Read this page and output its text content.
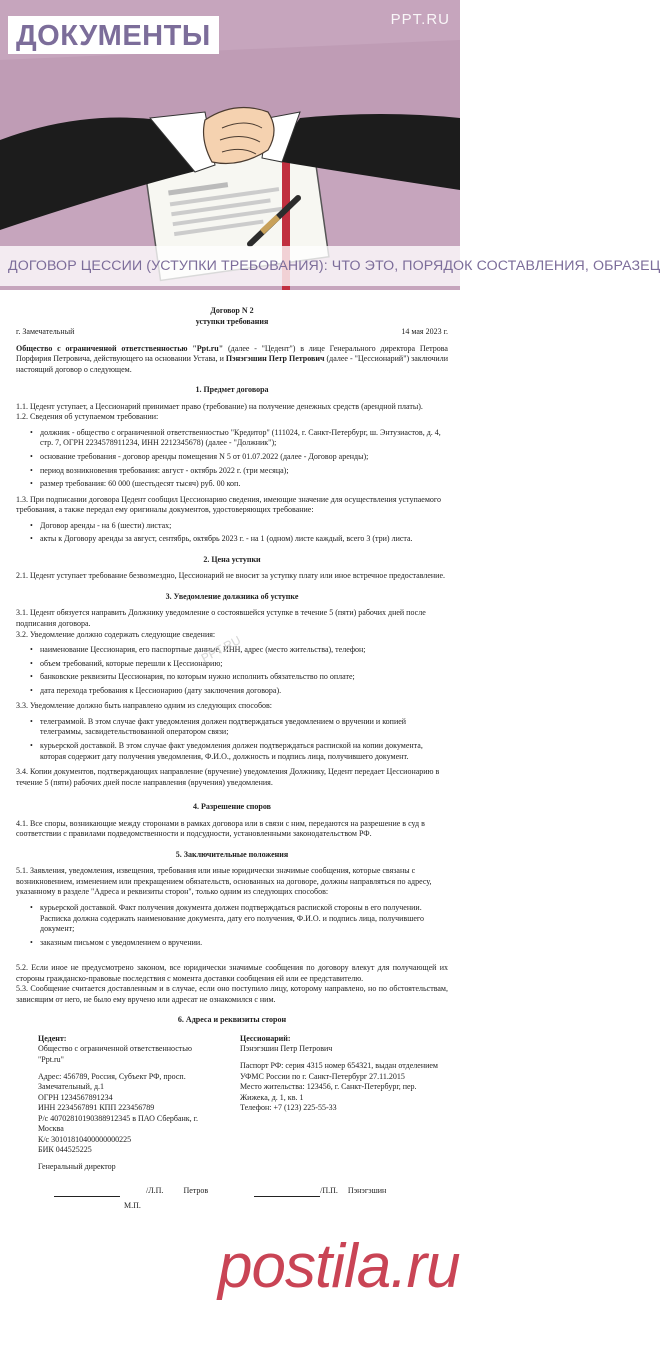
ДОКУМЕНТЫ
PPT.RU
ДОГОВОР ЦЕССИИ (УСТУПКИ ТРЕБОВАНИЯ): ЧТО ЭТО, ПОРЯДОК СОСТАВЛЕНИЯ, ОБРАЗЕЦ

Договор N 2

уступки требования

г. Замечательный	14 мая 2023 г.

Общество с ограниченной ответственностью "Ppt.ru" (далее - "Цедент") в лице Генерального директора Петрова Порфирия Петровича, действующего на основании Устава, и Пэнэгэшин Петр Петрович (далее - "Цессионарий") заключили настоящий договор о следующем.

1. Предмет договора

1.1. Цедент уступает, а Цессионарий принимает право (требование) на получение денежных средств (арендной платы).

1.2. Сведения об уступаемом требовании:

• должник - общество с ограниченной ответственностью "Кредитор" (111024, г. Санкт-Петербург, ш. Энтузиастов, д. 4, стр. 7, ОГРН 2234578911234, ИНН 2212345678) (далее - "Должник");
• основание требования - договор аренды помещения N 5 от 01.07.2022 (далее - Договор аренды);
• период возникновения требования: август - октябрь 2022 г. (три месяца);
• размер требования: 60 000 (шестьдесят тысяч) руб. 00 коп.

1.3. При подписании договора Цедент сообщил Цессионарию сведения, имеющие значение для осуществления уступаемого требования, а также передал ему оригиналы документов, удостоверяющих требование:

• Договор аренды - на 6 (шести) листах;
• акты к Договору аренды за август, сентябрь, октябрь 2023 г. - на 1 (одном) листе каждый, всего 3 (три) листа.
2. Цена уступки

2.1. Цедент уступает требование безвозмездно, Цессионарий не вносит за уступку плату или иное встречное предоставление.

3. Уведомление должника об уступке

3.1. Цедент обязуется направить Должнику уведомление о состоявшейся уступке в течение 5 (пяти) рабочих дней после подписания договора.

3.2. Уведомление должно содержать следующие сведения:

• наименование Цессионария, его паспортные данные, ИНН, адрес (место жительства), телефон;
• объем требований, которые перешли к Цессионарию;
• банковские реквизиты Цессионария, по которым нужно исполнить обязательство по оплате;
• дата перехода требования к Цессионарию (дату заключения договора).

3.3. Уведомление должно быть направлено одним из следующих способов:

• телеграммой. В этом случае факт уведомления должен подтверждаться уведомлением о вручении и копией телеграммы, засвидетельствованной оператором связи;
• курьерской доставкой. В этом случае факт уведомления должен подтверждаться распиской на копии документа, которая содержит дату получения уведомления, Ф.И.О., должность и подпись лица, получившего документ.

3.4. Копии документов, подтверждающих направление (вручение) уведомления Должнику, Цедент передает Цессионарию в течение 5 (пяти) рабочих дней после направления (вручения) уведомления.

4. Разрешение споров

4.1. Все споры, возникающие между сторонами в рамках договора или в связи с ним, передаются на разрешение в суд в соответствии с правилами подведомственности и подсудности, установленными законодательством РФ.

5. Заключительные положения

5.1. Заявления, уведомления, извещения, требования или иные юридически значимые сообщения, которые связаны с возникновением, изменением или прекращением обязательств, основанных на договоре, должны направляться по адресу, указанному в разделе "Адреса и реквизиты сторон", только одним из следующих способов:

• курьерской доставкой. Факт получения документа должен подтверждаться распиской стороны в его получении. Расписка должна содержать наименование документа, дату его получения, Ф.И.О. и подпись лица, получившего документ;
• заказным письмом с уведомлением о вручении.

5.2. Если иное не предусмотрено законом, все юридически значимые сообщения по договору влекут для получающей их стороны гражданско-правовые последствия с момента доставки сообщения ей или ее представителю.

5.3. Сообщение считается доставленным и в случае, если оно поступило лицу, которому направлено, но по обстоятельствам, зависящим от него, не было ему вручено или адресат не ознакомился с ним.

6. Адреса и реквизиты сторон

Цедент:

Общество с ограниченной ответственностью "Ppt.ru"

Адрес: 456789, Россия, Субъект РФ, просп. Замечательный, д.1

ОГРН 1234567891234

ИНН 2234567891 КПП 223456789

Р/с 40702810190388912345 в ПАО Сбербанк, г. Москва

К/с 30101810400000000225

БИК 044525225

Генеральный директор

Цессионарий:

Пэнэгэшин Петр Петрович

Паспорт РФ: серия 4315 номер 654321, выдан отделением УФМС России по г. Санкт-Петербург 27.11.2015

Место жительства: 123456, г. Санкт-Петербург, пер. Жижека, д. 1, кв. 1

Телефон: +7 (123) 225-55-33

/Л.П.	Петров	/П.П. Пэнэгэшин

М.П.

PPT.RU
postila.ru
